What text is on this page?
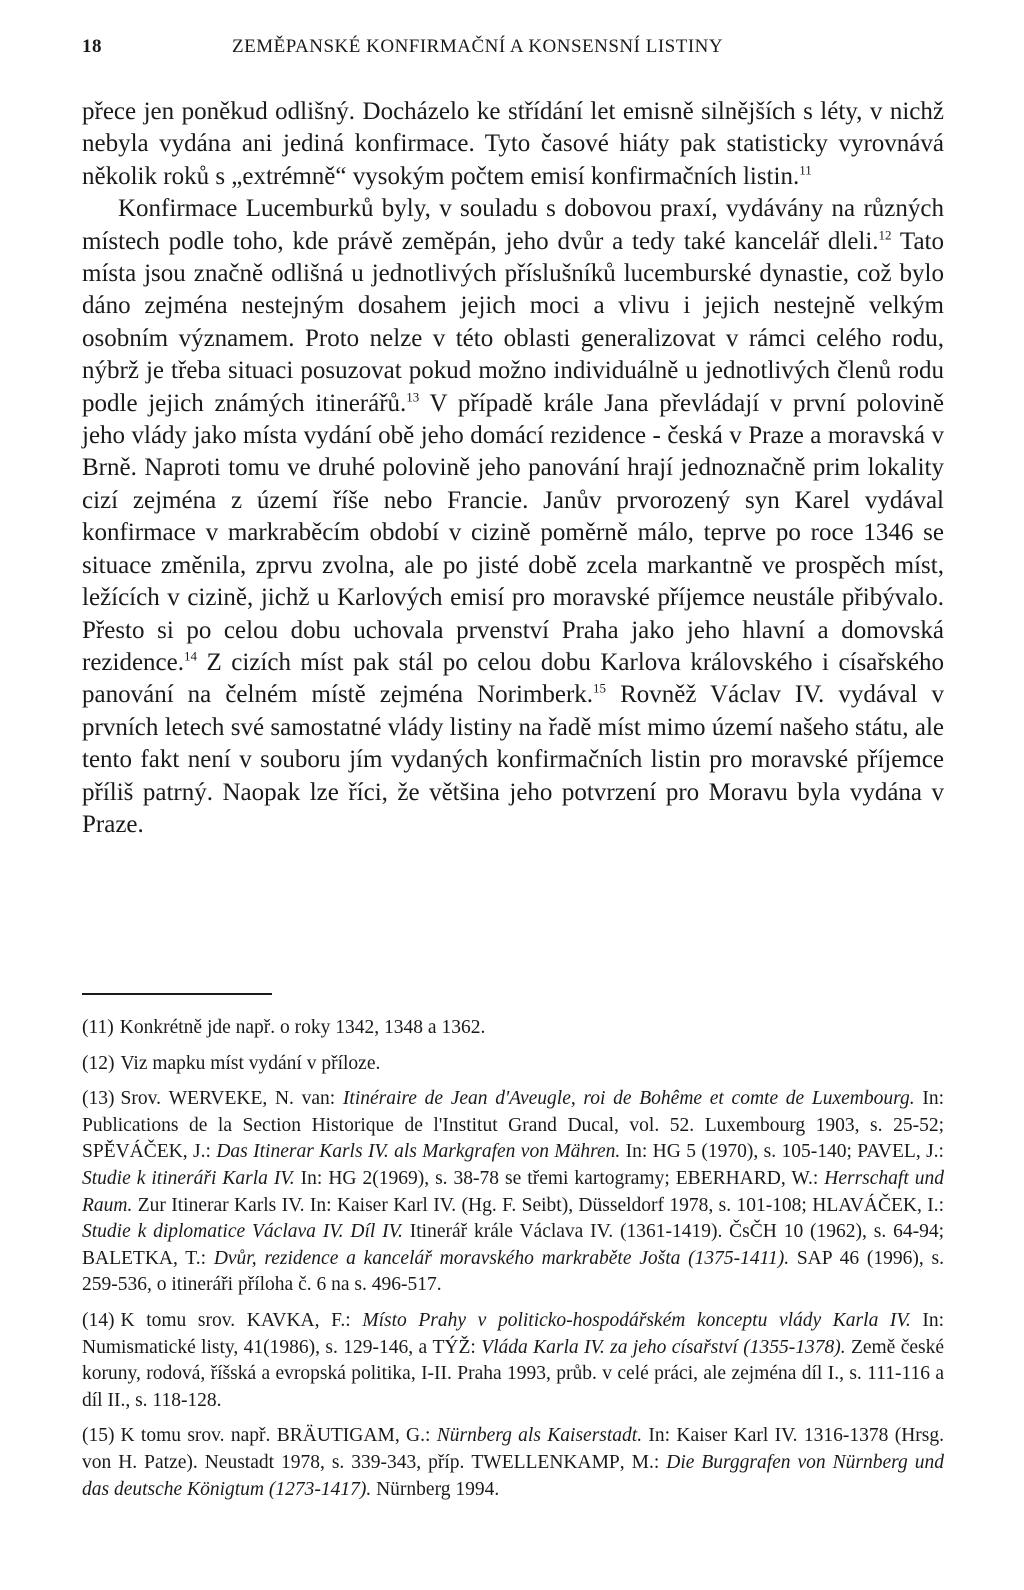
18	ZEMĚPANSKÉ KONFIRMAČNÍ A KONSENSNÍ LISTINY

přece jen poněkud odlišný. Docházelo ke střídání let emisně silnějších s léty, v nichž nebyla vydána ani jediná konfirmace. Tyto časové hiáty pak statisticky vyrovnává několik roků s „extrémně“ vysokým počtem emisí konfirmačních listin.$^{11}$

Konfirmace Lucemburků byly, v souladu s dobovou praxí, vydávány na různých místech podle toho, kde právě zeměpán, jeho dvůr a tedy také kancelář dleli.$^{12}$ Tato místa jsou značně odlišná u jednotlivých příslušníků lucemburské dynastie, což bylo dáno zejména nestejným dosahem jejich moci a vlivu i jejich nestejně velkým osobním významem. Proto nelze v této oblasti generalizovat v rámci celého rodu, nýbrž je třeba situaci posuzovat pokud možno individuálně u jednotlivých členů rodu podle jejich známých itinerářů.$^{13}$ V případě krále Jana převládají v první polovině jeho vlády jako místa vydání obě jeho domácí rezidence - česká v Praze a moravská v Brně. Naproti tomu ve druhé polovině jeho panování hrají jednoznačně prim lokality cizí zejména z území říše nebo Francie. Janův prvorozený syn Karel vydával konfirmace v markraběcím období v cizině poměrně málo, teprve po roce 1346 se situace změnila, zprvu zvolna, ale po jisté době zcela markantně ve prospěch míst, ležících v cizině, jichž u Karlových emisí pro moravské příjemce neustále přibývalo. Přesto si po celou dobu uchovala prvenství Praha jako jeho hlavní a domovská rezidence.$^{14}$ Z cizích míst pak stál po celou dobu Karlova královského i císařského panování na čelném místě zejména Norimberk.$^{15}$ Rovněž Václav IV. vydával v prvních letech své samostatné vlády listiny na řadě míst mimo území našeho státu, ale tento fakt není v souboru jím vydaných konfirmačních listin pro moravské příjemce příliš patrný. Naopak lze říci, že většina jeho potvrzení pro Moravu byla vydána v Praze.

(11) Konkrétně jde např. o roky 1342, 1348 a 1362.

(12) Viz mapku míst vydání v příloze.

(13) Srov. WERVEKE, N. van: Itinéraire de Jean d'Aveugle, roi de Bohême et comte de Luxembourg. In: Publications de la Section Historique de l'Institut Grand Ducal, vol. 52. Luxembourg 1903, s. 25-52; SPĚVÁČEK, J.: Das Itinerar Karls IV. als Markgrafen von Mähren. In: HG 5 (1970), s. 105-140; PAVEL, J.: Studie k itineráři Karla IV. In: HG 2(1969), s. 38-78 se třemi kartogramy; EBERHARD, W.: Herrschaft und Raum. Zur Itinerar Karls IV. In: Kaiser Karl IV. (Hg. F. Seibt), Düsseldorf 1978, s. 101-108; HLAVÁČEK, I.: Studie k diplomatice Václava IV. Díl IV. Itinerář krále Václava IV. (1361-1419). ČsČH 10 (1962), s. 64-94; BALETKA, T.: Dvůr, rezidence a kancelář moravského markraběte Jošta (1375-1411). SAP 46 (1996), s. 259-536, o itineráři příloha č. 6 na s. 496-517.

(14) K tomu srov. KAVKA, F.: Místo Prahy v politicko-hospodářském konceptu vlády Karla IV. In: Numismatické listy, 41(1986), s. 129-146, a TÝŽ: Vláda Karla IV. za jeho císařství (1355-1378). Země české koruny, rodová, říšská a evropská politika, I-II. Praha 1993, průb. v celé práci, ale zejména díl I., s. 111-116 a díl II., s. 118-128.

(15) K tomu srov. např. BRÄUTIGAM, G.: Nürnberg als Kaiserstadt. In: Kaiser Karl IV. 1316-1378 (Hrsg. von H. Patze). Neustadt 1978, s. 339-343, příp. TWELLENKAMP, M.: Die Burggrafen von Nürnberg und das deutsche Königtum (1273-1417). Nürnberg 1994.
